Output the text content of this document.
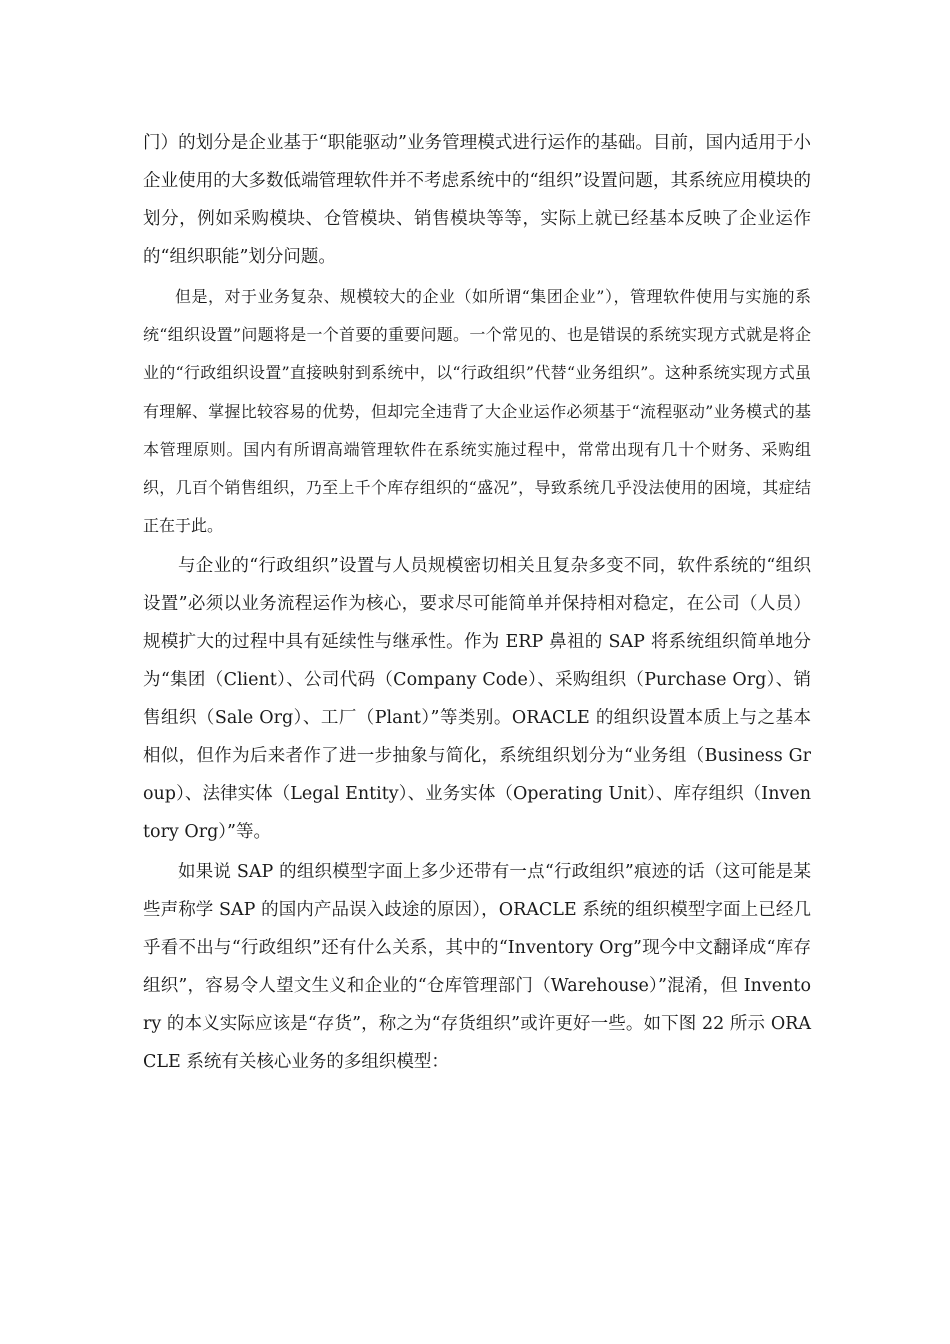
门）的划分是企业基于“职能驱动”业务管理模式进行运作的基础。目前，国内适用于小企业使用的大多数低端管理软件并不考虑系统中的“组织”设置问题，其系统应用模块的划分，例如采购模块、仓管模块、销售模块等等，实际上就已经基本反映了企业运作的“组织职能”划分问题。

但是，对于业务复杂、规模较大的企业（如所谓“集团企业”），管理软件使用与实施的系统“组织设置”问题将是一个首要的重要问题。一个常见的、也是错误的系统实现方式就是将企业的“行政组织设置”直接映射到系统中，以“行政组织”代替“业务组织”。这种系统实现方式虽有理解、掌握比较容易的优势，但却完全违背了大企业运作必须基于“流程驱动”业务模式的基本管理原则。国内有所谓高端管理软件在系统实施过程中，常常出现有几十个财务、采购组织，几百个销售组织，乃至上千个库存组织的“盛况”，导致系统几乎没法使用的困境，其症结正在于此。

与企业的“行政组织”设置与人员规模密切相关且复杂多变不同，软件系统的“组织设置”必须以业务流程运作为核心，要求尽可能简单并保持相对稳定，在公司（人员）规模扩大的过程中具有延续性与继承性。作为 ERP 鼻祖的 SAP 将系统组织简单地分为“集团（Client）、公司代码（Company Code）、采购组织（Purchase Org）、销售组织（Sale Org）、工厂（Plant）”等类别。ORACLE 的组织设置本质上与之基本相似，但作为后来者作了进一步抽象与简化，系统组织划分为“业务组（Business Group）、法律实体（Legal Entity）、业务实体（Operating Unit）、库存组织（Inventory Org）”等。

如果说 SAP 的组织模型字面上多少还带有一点“行政组织”痕迹的话（这可能是某些声称学 SAP 的国内产品误入歧途的原因），ORACLE 系统的组织模型字面上已经几乎看不出与“行政组织”还有什么关系，其中的“Inventory Org”现今中文翻译成“库存组织”，容易令人望文生义和企业的“仓库管理部门（Warehouse）”混淆，但 Inventory 的本义实际应该是“存货”，称之为“存货组织”或许更好一些。如下图 22 所示 ORACLE 系统有关核心业务的多组织模型：
